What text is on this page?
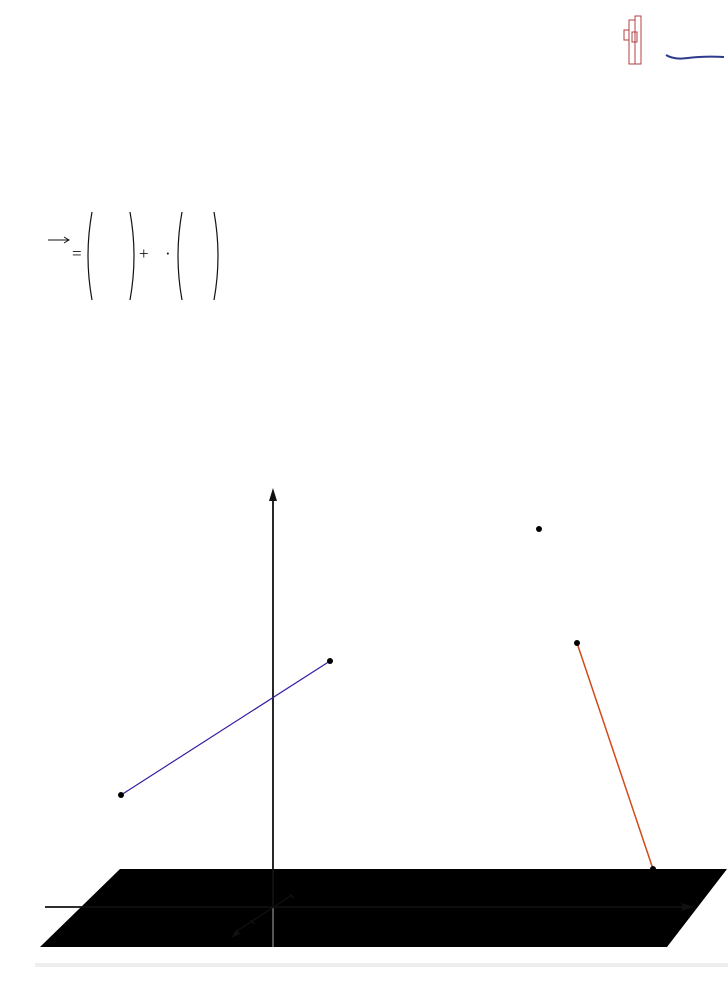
=	+ ·
